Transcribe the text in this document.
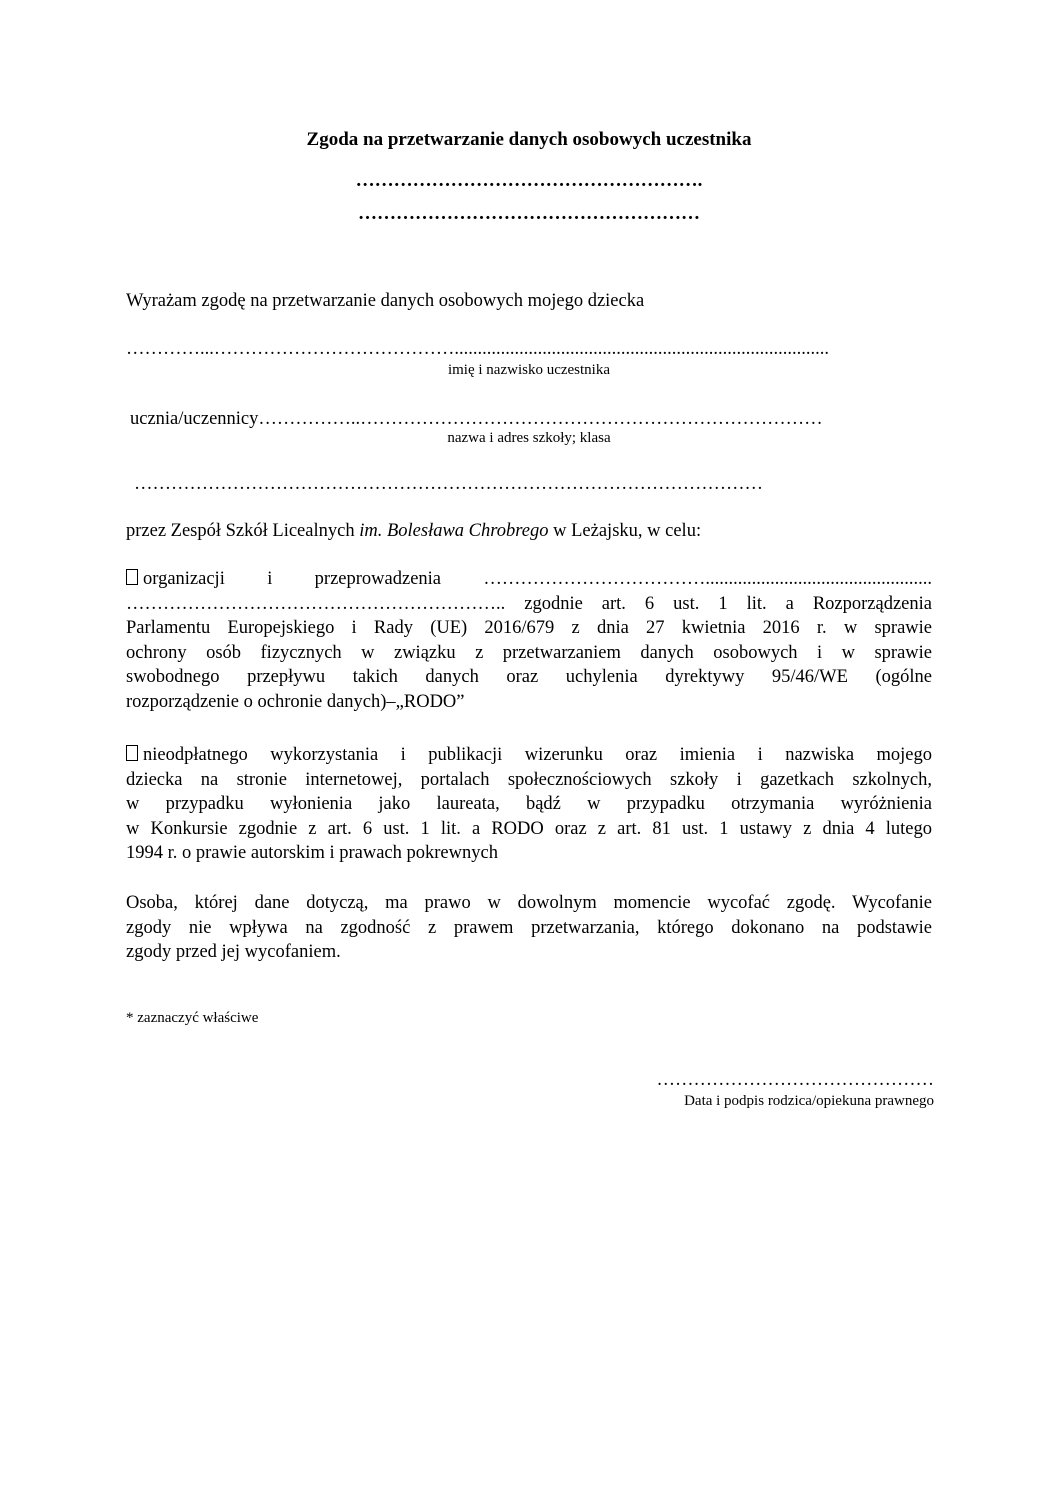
Zgoda na przetwarzanie danych osobowych uczestnika
……………………………………………….
………………………………………………
Wyrażam zgodę na przetwarzanie danych osobowych mojego dziecka
…………...………………………………….................................................................................
imię i nazwisko uczestnika
ucznia/uczennicy……………..…………………………………………………………………
nazwa i adres szkoły; klasa
…………………………………………………………………………………………
przez Zespół Szkół Licealnych im. Bolesława Chrobrego w Leżajsku, w celu:
organizacji i przeprowadzenia ……………………………….................................................
…………………………………………………….. zgodnie art. 6 ust. 1 lit. a Rozporządzenia
Parlamentu Europejskiego i Rady (UE) 2016/679 z dnia 27 kwietnia 2016 r. w sprawie
ochrony osób fizycznych w związku z przetwarzaniem danych osobowych i w sprawie
swobodnego przepływu takich danych oraz uchylenia dyrektywy 95/46/WE (ogólne
rozporządzenie o ochronie danych)–„RODO”
nieodpłatnego wykorzystania i publikacji wizerunku oraz imienia i nazwiska mojego
dziecka na stronie internetowej, portalach społecznościowych szkoły i gazetkach szkolnych,
w przypadku wyłonienia jako laureata, bądź w przypadku otrzymania wyróżnienia
w Konkursie zgodnie z art. 6 ust. 1 lit. a RODO oraz z art. 81 ust. 1 ustawy z dnia 4 lutego
1994 r. o prawie autorskim i prawach pokrewnych
Osoba, której dane dotyczą, ma prawo w dowolnym momencie wycofać zgodę. Wycofanie
zgody nie wpływa na zgodność z prawem przetwarzania, którego dokonano na podstawie
zgody przed jej wycofaniem.
* zaznaczyć właściwe
………………………………………
Data i podpis rodzica/opiekuna prawnego
